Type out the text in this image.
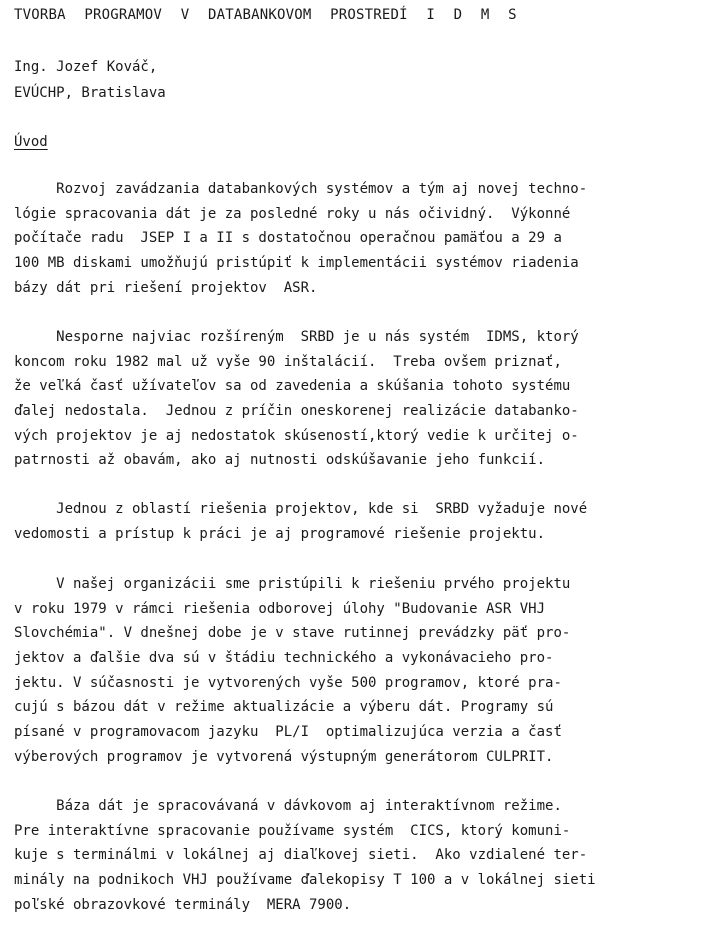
TVORBA PROGRAMOV V DATABANKOVOM PROSTREDÍ I D M S
Ing. Jozef Kováč,
EVÚCHP, Bratislava
Úvod
Rozvoj zavádzania databankových systémov a tým aj novej techno-
lógie spracovania dát je za posledné roky u nás očividný.  Výkonné
počítače radu  JSEP I a II s dostatočnou operačnou pamäťou a 29 a
100 MB diskami umožňujú pristúpiť k implementácii systémov riadenia
bázy dát pri riešení projektov  ASR.
Nesporne najviac rozšíreným  SRBD je u nás systém  IDMS, ktorý
koncom roku 1982 mal už vyše 90 inštalácií.  Treba ovšem priznať,
že veľká časť užívateľov sa od zavedenia a skúšania tohoto systému
ďalej nedostala.  Jednou z príčin oneskorenej realizácie databanko-
vých projektov je aj nedostatok skúseností,ktorý vedie k určitej o-
patrnosti až obavám, ako aj nutnosti odskúšavanie jeho funkcií.
Jednou z oblastí riešenia projektov, kde si  SRBD vyžaduje nové
vedomosti a prístup k práci je aj programové riešenie projektu.
V našej organizácii sme pristúpili k riešeniu prvého projektu
v roku 1979 v rámci riešenia odborovej úlohy "Budovanie ASR VHJ
Slovchémia". V dnešnej dobe je v stave rutinnej prevádzky päť pro-
jektov a ďalšie dva sú v štádiu technického a vykonávacieho pro-
jektu. V súčasnosti je vytvorených vyše 500 programov, ktoré pra-
cujú s bázou dát v režime aktualizácie a výberu dát. Programy sú
písané v programovacom jazyku  PL/I  optimalizujúca verzia a časť
výberových programov je vytvorená výstupným generátorom CULPRIT.
Báza dát je spracovávaná v dávkovom aj interaktívnom režime.
Pre interaktívne spracovanie používame systém  CICS, ktorý komuni-
kuje s terminálmi v lokálnej aj diaľkovej sieti.  Ako vzdialené ter-
minály na podnikoch VHJ používame ďalekopisy T 100 a v lokálnej sieti
poľské obrazovkové terminály  MERA 7900.
